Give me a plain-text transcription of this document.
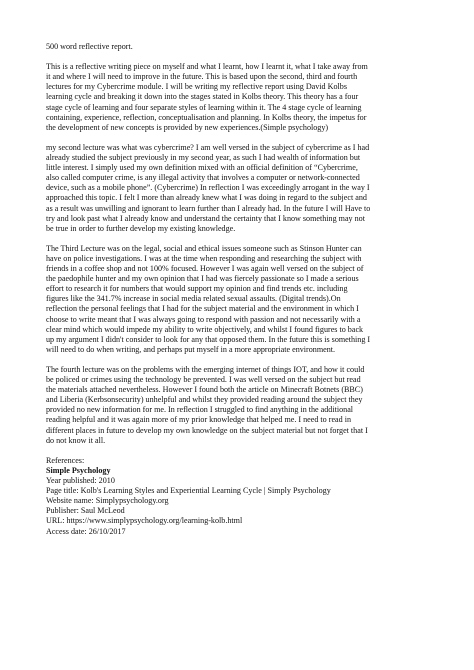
500 word reflective report.

This is a reflective writing piece on myself and what I learnt, how I learnt it, what I take away from
it and where I will need to improve in the future. This is based upon the second, third and fourth
lectures for my Cybercrime module. I will be writing my reflective report using David Kolbs
learning cycle and breaking it down into the stages stated in Kolbs theory. This theory has a four
stage cycle of learning and four separate styles of learning within it. The 4 stage cycle of learning
containing, experience, reflection, conceptualisation and planning. In Kolbs theory, the impetus for
the development of new concepts is provided by new experiences.(Simple psychology)

my second lecture was what was cybercrime? I am well versed in the subject of cybercrime as I had
already studied the subject previously in my second year, as such I had wealth of information but
little interest. I simply used my own definition mixed with an official definition of “Cybercrime,
also called computer crime, is any illegal activity that involves a computer or network-connected
device, such as a mobile phone”. (Cybercrime) In reflection I was exceedingly arrogant in the way I
approached this topic. I felt I more than already knew what I was doing in regard to the subject and
as a result was unwilling and ignorant to learn further than I already had. In the future I will Have to
try and look past what I already know and understand the certainty that I know something may not
be true in order to further develop my existing knowledge.

The Third Lecture was on the legal, social and ethical issues someone such as Stinson Hunter can
have on police investigations. I was at the time when responding and researching the subject with
friends in a coffee shop and not 100% focused. However I was again well versed on the subject of
the paedophile hunter and my own opinion that I had was fiercely passionate so I made a serious
effort to research it for numbers that would support my opinion and find trends etc. including
figures like the 341.7% increase in social media related sexual assaults. (Digital trends).On
reflection the personal feelings that I had for the subject material and the environment in which I
choose to write meant that I was always going to respond with passion and not necessarily with a
clear mind which would impede my ability to write objectively, and whilst I found figures to back
up my argument I didn't consider to look for any that opposed them. In the future this is something I
will need to do when writing, and perhaps put myself in a more appropriate environment.

The fourth lecture was on the problems with the emerging internet of things IOT, and how it could
be policed or crimes using the technology be prevented. I was well versed on the subject but read
the materials attached nevertheless. However I found both the article on Minecraft Botnets (BBC)
and Liberia (Kerbsonsecurity) unhelpful and whilst they provided reading around the subject they
provided no new information for me. In reflection I struggled to find anything in the additional
reading helpful and it was again more of my prior knowledge that helped me. I need to read in
different places in future to develop my own knowledge on the subject material but not forget that I
do not know it all.

References:

Simple Psychology

Year published: 2010

Page title: Kolb's Learning Styles and Experiential Learning Cycle | Simply Psychology

Website name: Simplypsychology.org

Publisher: Saul McLeod

URL: https://www.simplypsychology.org/learning-kolb.html

Access date: 26/10/2017
